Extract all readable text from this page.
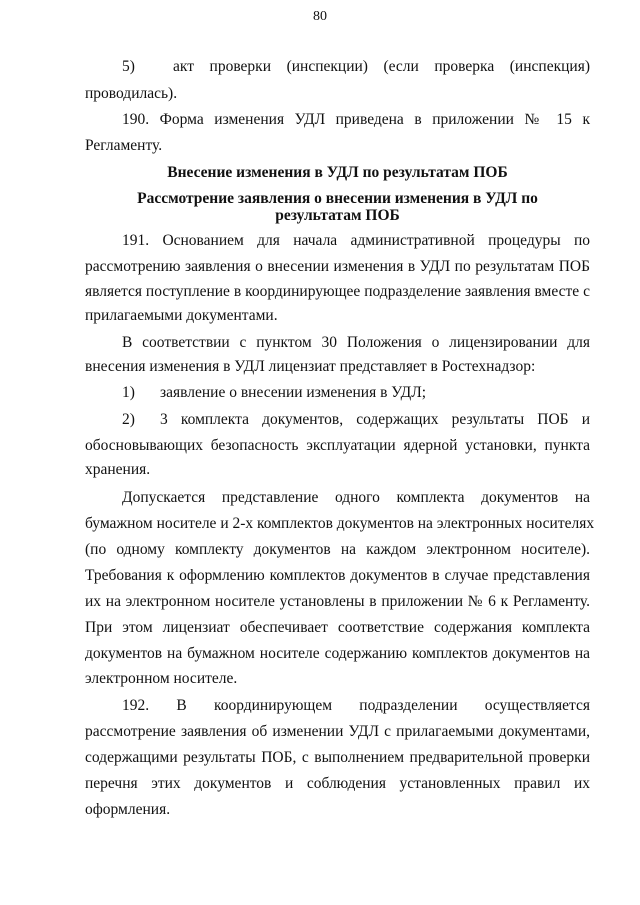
80
5) акт проверки (инспекции) (если проверка (инспекция)
проводилась).
190. Форма изменения УДЛ приведена в приложении № 15 к
Регламенту.
Внесение изменения в УДЛ по результатам ПОБ
Рассмотрение заявления о внесении изменения в УДЛ по
результатам ПОБ
191. Основанием для начала административной процедуры по
рассмотрению заявления о внесении изменения в УДЛ по результатам ПОБ
является поступление в координирующее подразделение заявления вместе с
прилагаемыми документами.
В соответствии с пунктом 30 Положения о лицензировании для
внесения изменения в УДЛ лицензиат представляет в Ростехнадзор:
1) заявление о внесении изменения в УДЛ;
2) 3 комплекта документов, содержащих результаты ПОБ и
обосновывающих безопасность эксплуатации ядерной установки, пункта
хранения.
Допускается представление одного комплекта документов на
бумажном носителе и 2-х комплектов документов на электронных носителях
(по одному комплекту документов на каждом электронном носителе).
Требования к оформлению комплектов документов в случае представления
их на электронном носителе установлены в приложении № 6 к Регламенту.
При этом лицензиат обеспечивает соответствие содержания комплекта
документов на бумажном носителе содержанию комплектов документов на
электронном носителе.
192. В координирующем подразделении осуществляется
рассмотрение заявления об изменении УДЛ с прилагаемыми документами,
содержащими результаты ПОБ, с выполнением предварительной проверки
перечня этих документов и соблюдения установленных правил их
оформления.
